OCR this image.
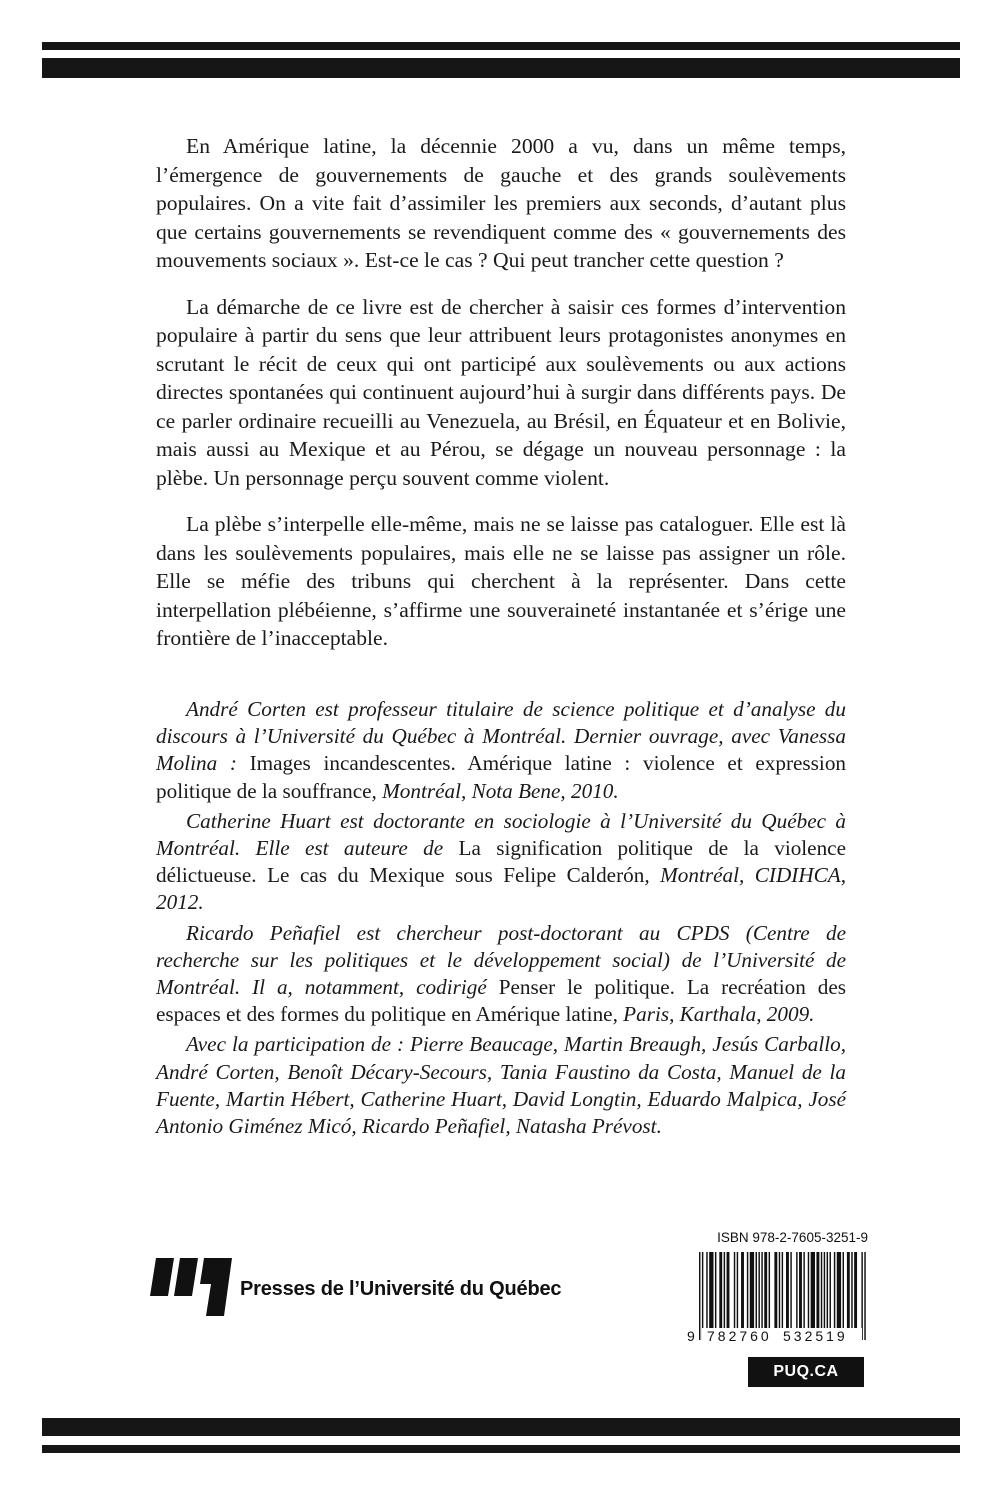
En Amérique latine, la décennie 2000 a vu, dans un même temps, l’émergence de gouvernements de gauche et des grands soulèvements populaires. On a vite fait d’assimiler les premiers aux seconds, d’autant plus que certains gouvernements se revendiquent comme des « gouvernements des mouvements sociaux ». Est-ce le cas ? Qui peut trancher cette question ?

La démarche de ce livre est de chercher à saisir ces formes d’intervention populaire à partir du sens que leur attribuent leurs protagonistes anonymes en scrutant le récit de ceux qui ont participé aux soulèvements ou aux actions directes spontanées qui continuent aujourd’hui à surgir dans différents pays. De ce parler ordinaire recueilli au Venezuela, au Brésil, en Équateur et en Bolivie, mais aussi au Mexique et au Pérou, se dégage un nouveau personnage : la plèbe. Un personnage perçu souvent comme violent.

La plèbe s’interpelle elle-même, mais ne se laisse pas cataloguer. Elle est là dans les soulèvements populaires, mais elle ne se laisse pas assigner un rôle. Elle se méfie des tribuns qui cherchent à la représenter. Dans cette interpellation plébéienne, s’affirme une souveraineté instantanée et s’érige une frontière de l’inacceptable.

André Corten est professeur titulaire de science politique et d’analyse du discours à l’Université du Québec à Montréal. Dernier ouvrage, avec Vanessa Molina : Images incandescentes. Amérique latine : violence et expression politique de la souffrance, Montréal, Nota Bene, 2010.

Catherine Huart est doctorante en sociologie à l’Université du Québec à Montréal. Elle est auteure de La signification politique de la violence délictueuse. Le cas du Mexique sous Felipe Calderón, Montréal, CIDIHCA, 2012.

Ricardo Peñafiel est chercheur post-doctorant au CPDS (Centre de recherche sur les politiques et le développement social) de l’Université de Montréal. Il a, notamment, codirigé Penser le politique. La recréation des espaces et des formes du politique en Amérique latine, Paris, Karthala, 2009.

Avec la participation de : Pierre Beaucage, Martin Breaugh, Jesús Carballo, André Corten, Benoît Décary-Secours, Tania Faustino da Costa, Manuel de la Fuente, Martin Hébert, Catherine Huart, David Longtin, Eduardo Malpica, José Antonio Giménez Micó, Ricardo Peñafiel, Natasha Prévost.

Presses de l’Université du Québec
ISBN 978-2-7605-3251-9
9 782760 532519
PUQ.CA
